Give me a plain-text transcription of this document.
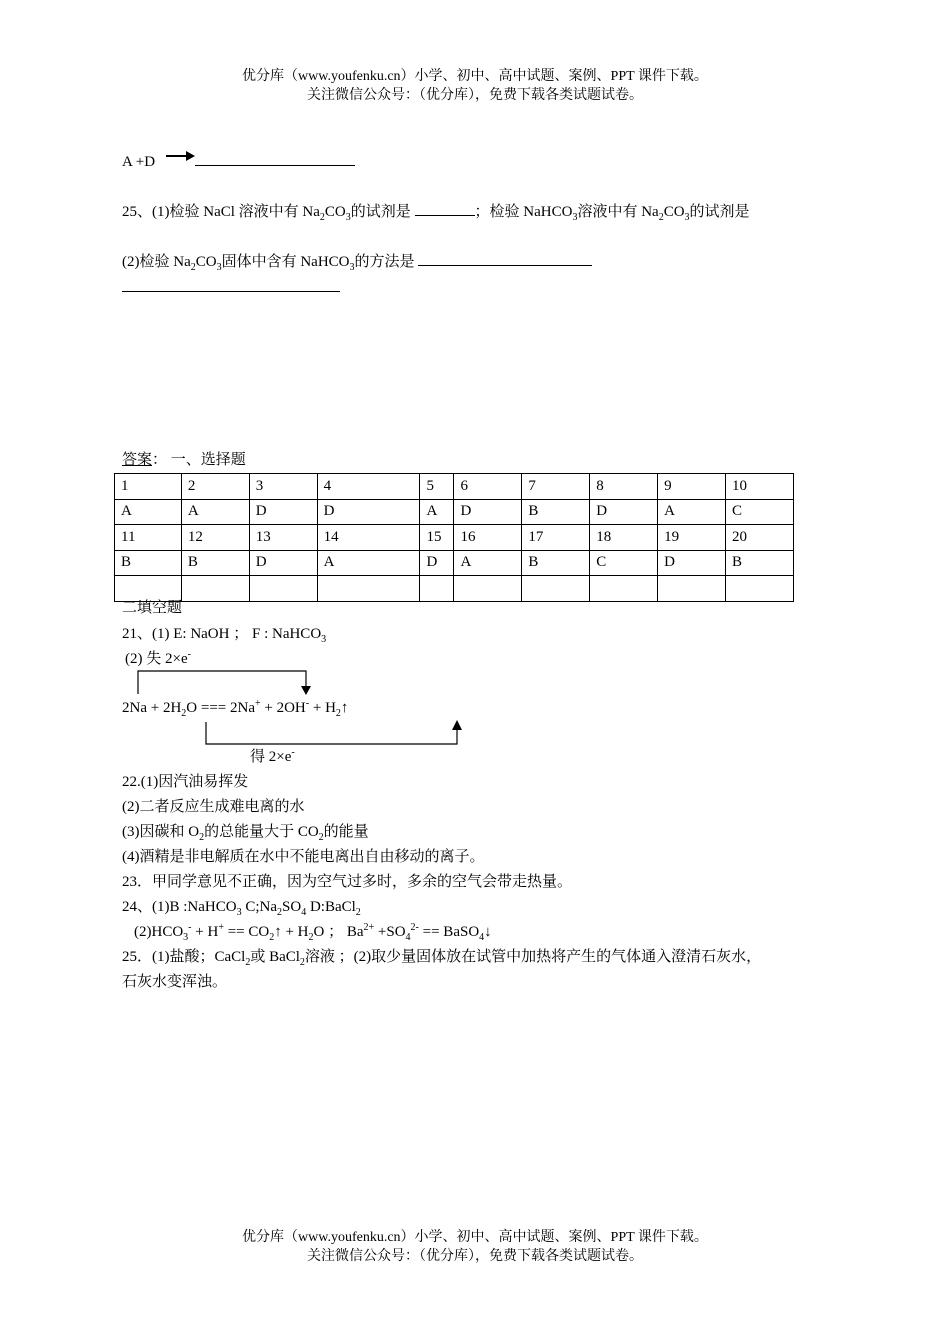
优分库（www.youfenku.cn）小学、初中、高中试题、案例、PPT 课件下载。
关注微信公众号：（优分库），免费下载各类试题试卷。
A +D
25、(1)检验 NaCl 溶液中有 $Na_2CO_3$的试剂是	；检验 NaHCO$_3$溶液中有 $Na_2CO_3$的试剂是
(2)检验 $Na_2CO_3$固体中含有 NaHCO$_3$的方法是
答案： 一、选择题
1	2	3	4	5	6	7	8	9	10
A	A	D	D	A	D	B	D	A	C
11	12	13	14	15	16	17	18	19	20
B	B	D	A	D	A	B	C	D	B

二填空题
21、(1) E: NaOH ； F : NaHCO$_3$
(2) 失 2×e-
$2Na + 2H_2O$ === $2Na^+ + 2OH^- + H_2↑$
得 2×e-
22.(1)因汽油易挥发
(2)二者反应生成难电离的水
(3)因碳和 $O_2$的总能量大于 $CO_2$的能量
(4)酒精是非电解质在水中不能电离出自由移动的离子。
23．甲同学意见不正确，因为空气过多时，多余的空气会带走热量。
24、(1)B :NaHCO$_3$ $C;Na_2SO_4$ D:BaCl$_2$
$(2)HCO_3^- + H^+$ == $CO_2↑ + H_2O$ ； $Ba^{2+} +SO_4^{2-}$ == BaSO$_4$↓
25．(1)盐酸；CaCl$_2$或 BaCl$_2$溶液 ；(2)取少量固体放在试管中加热将产生的气体通入澄清石灰水，
石灰水变浑浊。
优分库（www.youfenku.cn）小学、初中、高中试题、案例、PPT 课件下载。
关注微信公众号：（优分库），免费下载各类试题试卷。
